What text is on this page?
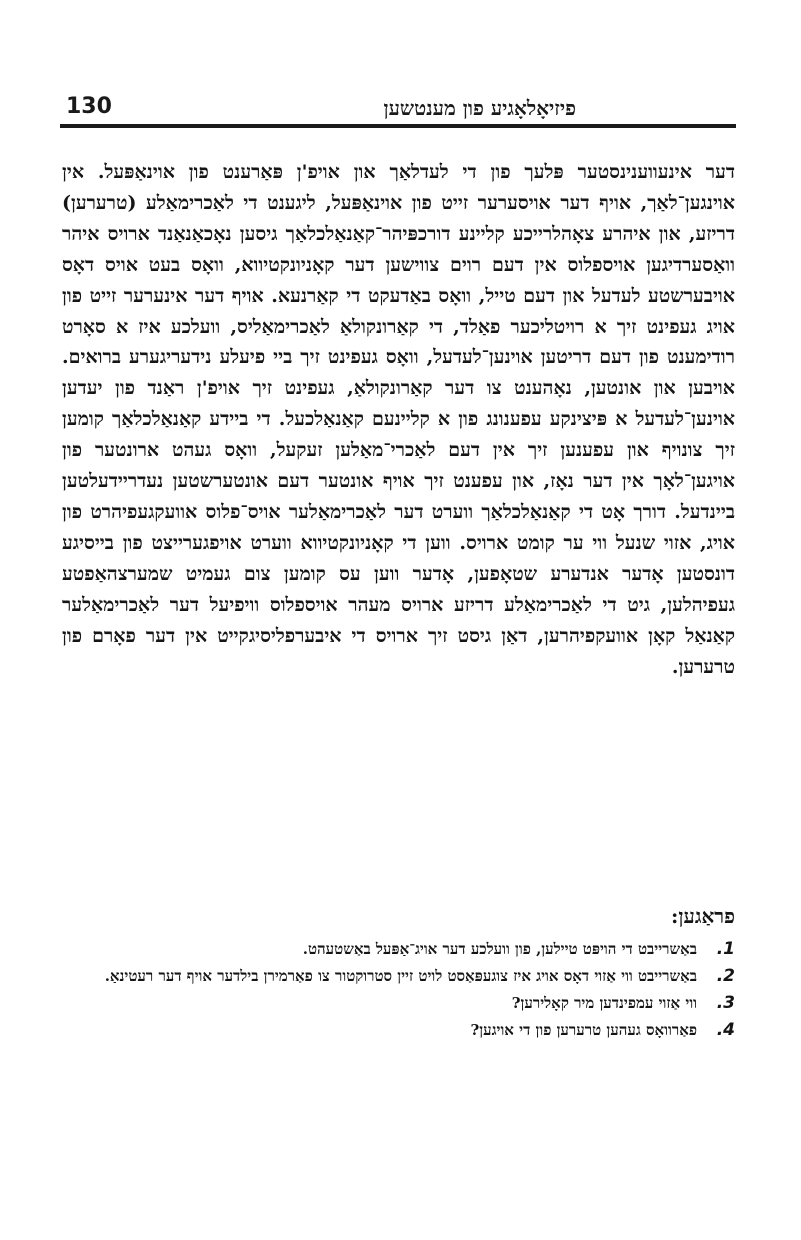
130	פיזיאָלאָגיע פון מענטשען

דער אינעווענינסטער פּלעך פון די לעדלאַך און אויפ'ן פּאַרענט פון אוינאַפּעל. אין אוינגען־לאַך, אויף דער אויסערער זייט פון אוינאַפּעל, ליגענט די לאַכרימאַלע (טרערען) דריזע, און איהרע צאָהלרייכע קליינע דורכפּיהר־קאַנאַלכלאַך גיסען נאָכאַנאַנד ארויס איהר וואַסערדיגען אויספלוס אין דעם רוים צווישען דער קאָניונקטיווא, וואָס בעט אויס דאָס אויבערשטע לעדעל און דעם טייל, וואָס באַדעקט די קאַרנעא. אויף דער אינערער זייט פון אויג געפינט זיך א רויטליכער פאַלד, די קאַרונקולאַ לאַכרימאַליס, וועלכע איז א סאָרט רודימענט פון דעם דריטען אוינען־לעדעל, וואָס געפינט זיך ביי פיעלע נידעריגערע ברואים. אויבען און אונטען, נאָהענט צו דער קאַרונקולאַ, געפינט זיך אויפ'ן ראַנד פון יעדען אוינען־לעדעל א פּיצינקע עפענונג פון א קליינעם קאַנאַלכעל. די ביידע קאַנאַלכלאַך קומען זיך צונויף און עפענען זיך אין דעם לאַכרי־מאַלען זעקעל, וואָס געהט ארונטער פון אויגען־לאָך אין דער נאָז, און עפענט זיך אויף אונטער דעם אונטערשטען נעדריידעלטען ביינדעל. דורך אָט די קאַנאַלכלאַך ווערט דער לאַכרימאַלער אויס־פלוס אוועקגעפיהרט פון אויג, אזוי שנעל ווי ער קומט ארויס. ווען די קאָניונקטיווא ווערט אויפגערייצט פון בייסיגע דונסטען אָדער אנדערע שטאָפען, אָדער ווען עס קומען צום געמיט שמערצהאַפטע געפיהלען, גיט די לאַכרימאַלע דריזע ארויס מעהר אויספלוס וויפיעל דער לאַכרימאַלער קאַנאַל קאָן אוועקפיהרען, דאַן גיסט זיך ארויס די איבערפליסיגקייט אין דער פאָרם פון טרערען.

פראַגען:
1.
באַשרייבט די הויפּט טיילען, פון וועלכע דער אויג־אַפּעל באַשטעהט.
2.
באַשרייבט ווי אַזוי דאָס אויג איז צוגעפּאַסט לויט זיין סטרוקטור צו פאַרמירן בילדער אויף דער רעטינאַ.
3.
ווי אַזוי עמפינדען מיר קאָלירען?
4.
פאַרוואָס געהען טרערען פון די אויגען?
